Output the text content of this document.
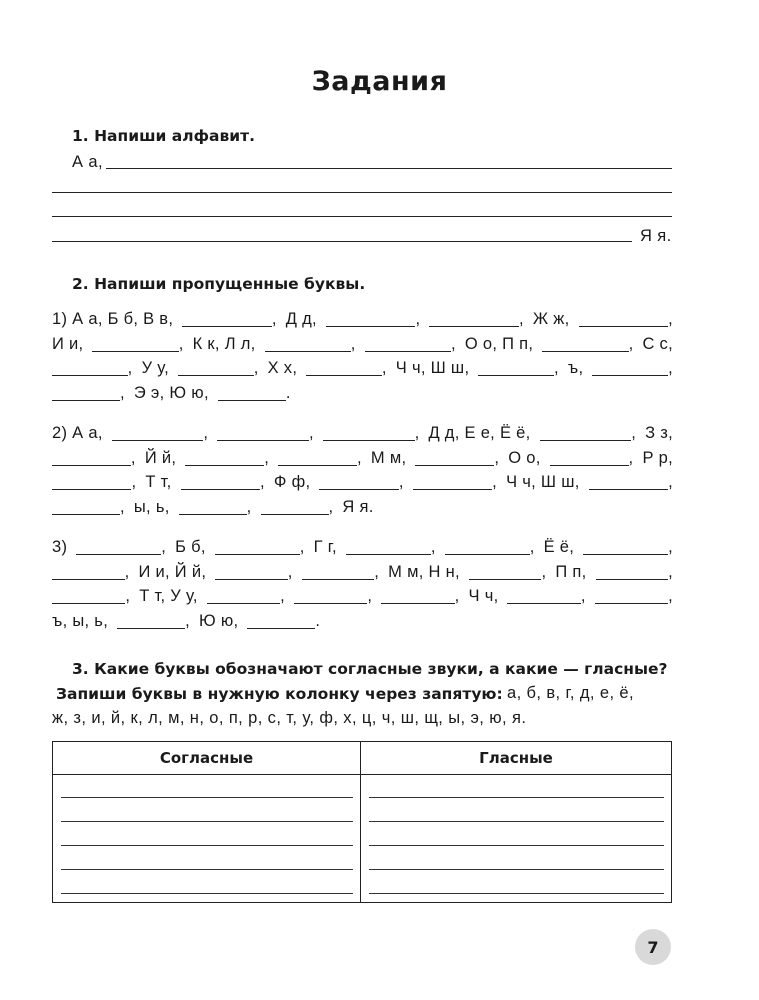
Задания
1. Напиши алфавит.
А а,
Я я.
2. Напиши пропущенные буквы.
1) А а, Б б, В в,	, Д д,	,	, Ж ж,	,
И и,	, К к, Л л,	,	, О о, П п,	, С с,
, У у,	, Х х,	, Ч ч, Ш ш,	, ъ,	,
, Э э, Ю ю,	.
2) А а,	,	,	, Д д, Е е, Ё ё,	, З з,
, Й й,	,	, М м,	, О о,	, Р р,
, Т т,	, Ф ф,	,	, Ч ч, Ш ш,	,
, ы, ь,	,	, Я я.
3)	, Б б,	, Г г,	,	, Ё ё,	,
, И и, Й й,	,	, М м, Н н,	, П п,	,
, Т т, У у,	,	,	, Ч ч,	,	,
ъ, ы, ь,	, Ю ю,	.
3. Какие буквы обозначают согласные звуки, а какие — гласные?
Запиши буквы в нужную колонку через запятую: а, б, в, г, д, е, ё,
ж, з, и, й, к, л, м, н, о, п, р, с, т, у, ф, х, ц, ч, ш, щ, ы, э, ю, я.
Согласные	Гласные
7
